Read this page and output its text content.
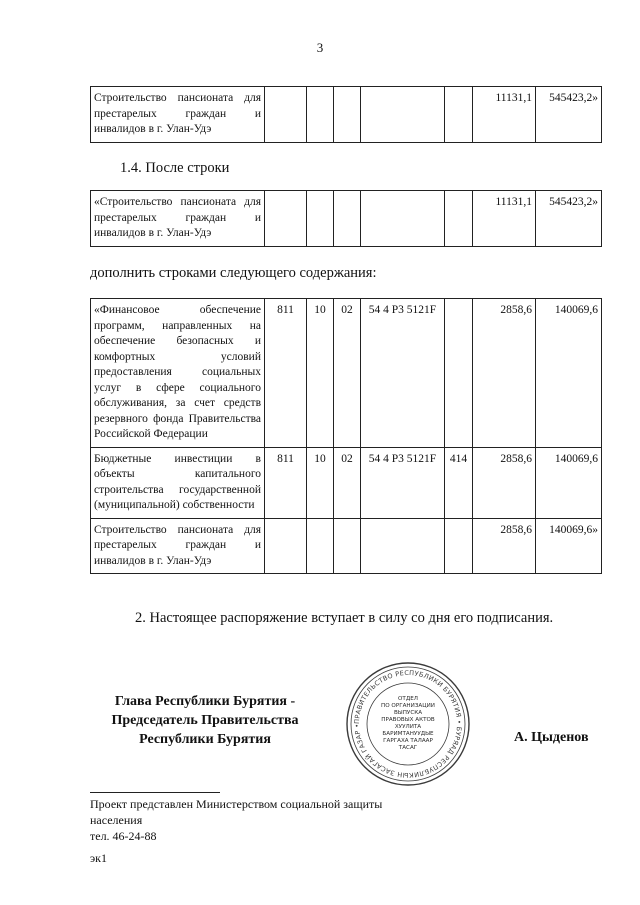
3
Строительство пансионата для престарелых граждан и инвалидов в г. Улан-Удэ						11131,1	545423,2»
1.4. После строки
«Строительство пансионата для престарелых граждан и инвалидов в г. Улан-Удэ						11131,1	545423,2»
дополнить строками следующего содержания:
«Финансовое обеспечение программ, направленных на обеспечение безопасных и комфортных условий предоставления социальных услуг в сфере социального обслуживания, за счет средств резервного фонда Правительства Российской Федерации	811	10	02	54 4 P3 5121F		2858,6	140069,6
Бюджетные инвестиции в объекты капитального строительства государственной (муниципальной) собственности	811	10	02	54 4 P3 5121F	414	2858,6	140069,6
Строительство пансионата для престарелых граждан и инвалидов в г. Улан-Удэ						2858,6	140069,6»
2. Настоящее распоряжение вступает в силу со дня его подписания.
Глава Республики Бурятия -
Председатель Правительства
Республики Бурятия
ПРАВИТЕЛЬСТВО РЕСПУБЛИКИ БУРЯТИЯ • БУРЯАД РЕСПУБЛИКЫН ЗАСАГАЙ ГАЗАР •
ОТДЕЛ
ПО ОРГАНИЗАЦИИ
ВЫПУСКА
ПРАВОВЫХ АКТОВ
ХУУЛИТА
БАРИМТАНУУДЫЕ
ГАРГАХА ТАЛААР
ТАСАГ
А. Цыденов
Проект представлен Министерством социальной защиты
населения
тел. 46-24-88
эк1
